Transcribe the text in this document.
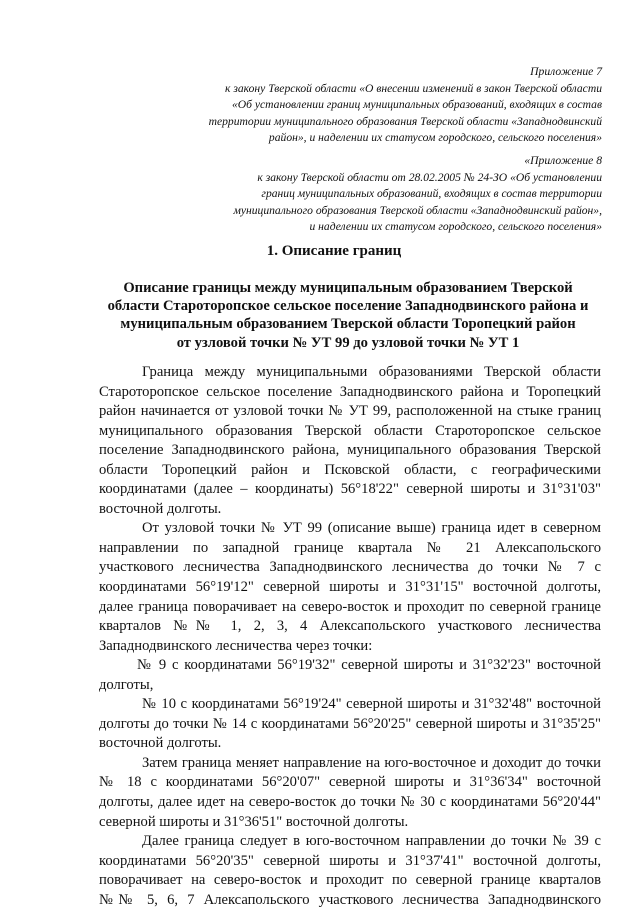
Приложение 7
к закону Тверской области «О внесении изменений в закон Тверской области
«Об установлении границ муниципальных образований, входящих в состав
территории муниципального образования Тверской области «Западнодвинский
район», и наделении их статусом городского, сельского поселения»
«Приложение 8
к закону Тверской области от 28.02.2005 № 24-ЗО «Об установлении
границ муниципальных образований, входящих в состав территории
муниципального образования Тверской области «Западнодвинский район»,
и наделении их статусом городского, сельского поселения»
1. Описание границ
Описание границы между муниципальным образованием Тверской
области Староторопское сельское поселение Западнодвинского района и
муниципальным образованием Тверской области Торопецкий район
от узловой точки № УТ 99 до узловой точки № УТ 1
Граница между муниципальными образованиями Тверской области
Староторопское сельское поселение Западнодвинского района и Торопецкий
район начинается от узловой точки № УТ 99, расположенной на стыке границ
муниципального образования Тверской области Староторопское сельское
поселение Западнодвинского района, муниципального образования Тверской
области Торопецкий район и Псковской области, с географическими
координатами (далее – координаты) 56°18'22" северной широты и 31°31'03"
восточной долготы.
От узловой точки № УТ 99 (описание выше) граница идет в северном
направлении по западной границе квартала № 21 Алексапольского
участкового лесничества Западнодвинского лесничества до точки № 7 с
координатами 56°19'12" северной широты и 31°31'15" восточной долготы,
далее граница поворачивает на северо-восток и проходит по северной границе
кварталов №№ 1, 2, 3, 4 Алексапольского участкового лесничества
Западнодвинского лесничества через точки:
№ 9 с координатами 56°19'32" северной широты и 31°32'23" восточной
долготы,
№ 10 с координатами 56°19'24" северной широты и 31°32'48" восточной
долготы до точки № 14 с координатами 56°20'25" северной широты и 31°35'25"
восточной долготы.
Затем граница меняет направление на юго-восточное и доходит до точки
№ 18 с координатами 56°20'07" северной широты и 31°36'34" восточной
долготы, далее идет на северо-восток до точки № 30 с координатами 56°20'44"
северной широты и 31°36'51" восточной долготы.
Далее граница следует в юго-восточном направлении до точки № 39 с
координатами 56°20'35" северной широты и 31°37'41" восточной долготы,
поворачивает на северо-восток и проходит по северной границе кварталов
№№ 5, 6, 7 Алексапольского участкового лесничества Западнодвинского
